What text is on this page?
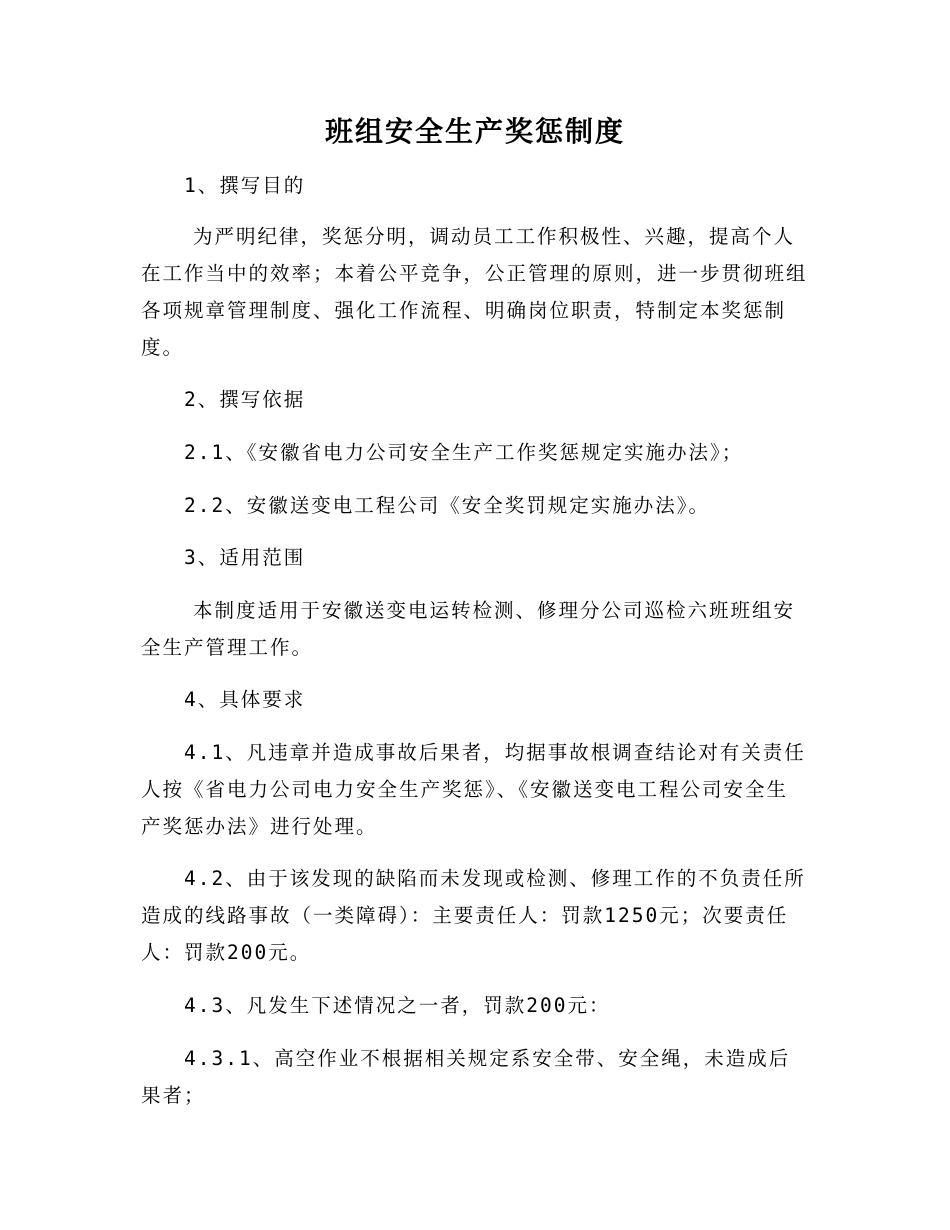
班组安全生产奖惩制度

1、撰写目的

为严明纪律，奖惩分明，调动员工工作积极性、兴趣，提高个人在工作当中的效率；本着公平竞争，公正管理的原则，进一步贯彻班组各项规章管理制度、强化工作流程、明确岗位职责，特制定本奖惩制度。

2、撰写依据

2.1、《安徽省电力公司安全生产工作奖惩规定实施办法》；

2.2、安徽送变电工程公司《安全奖罚规定实施办法》。

3、适用范围

本制度适用于安徽送变电运转检测、修理分公司巡检六班班组安全生产管理工作。

4、具体要求

4.1、凡违章并造成事故后果者，均据事故根调查结论对有关责任人按《省电力公司电力安全生产奖惩》、《安徽送变电工程公司安全生产奖惩办法》进行处理。

4.2、由于该发现的缺陷而未发现或检测、修理工作的不负责任所造成的线路事故（一类障碍）：主要责任人：罚款1250元；次要责任人：罚款200元。

4.3、凡发生下述情况之一者，罚款200元：

4.3.1、高空作业不根据相关规定系安全带、安全绳，未造成后果者；
